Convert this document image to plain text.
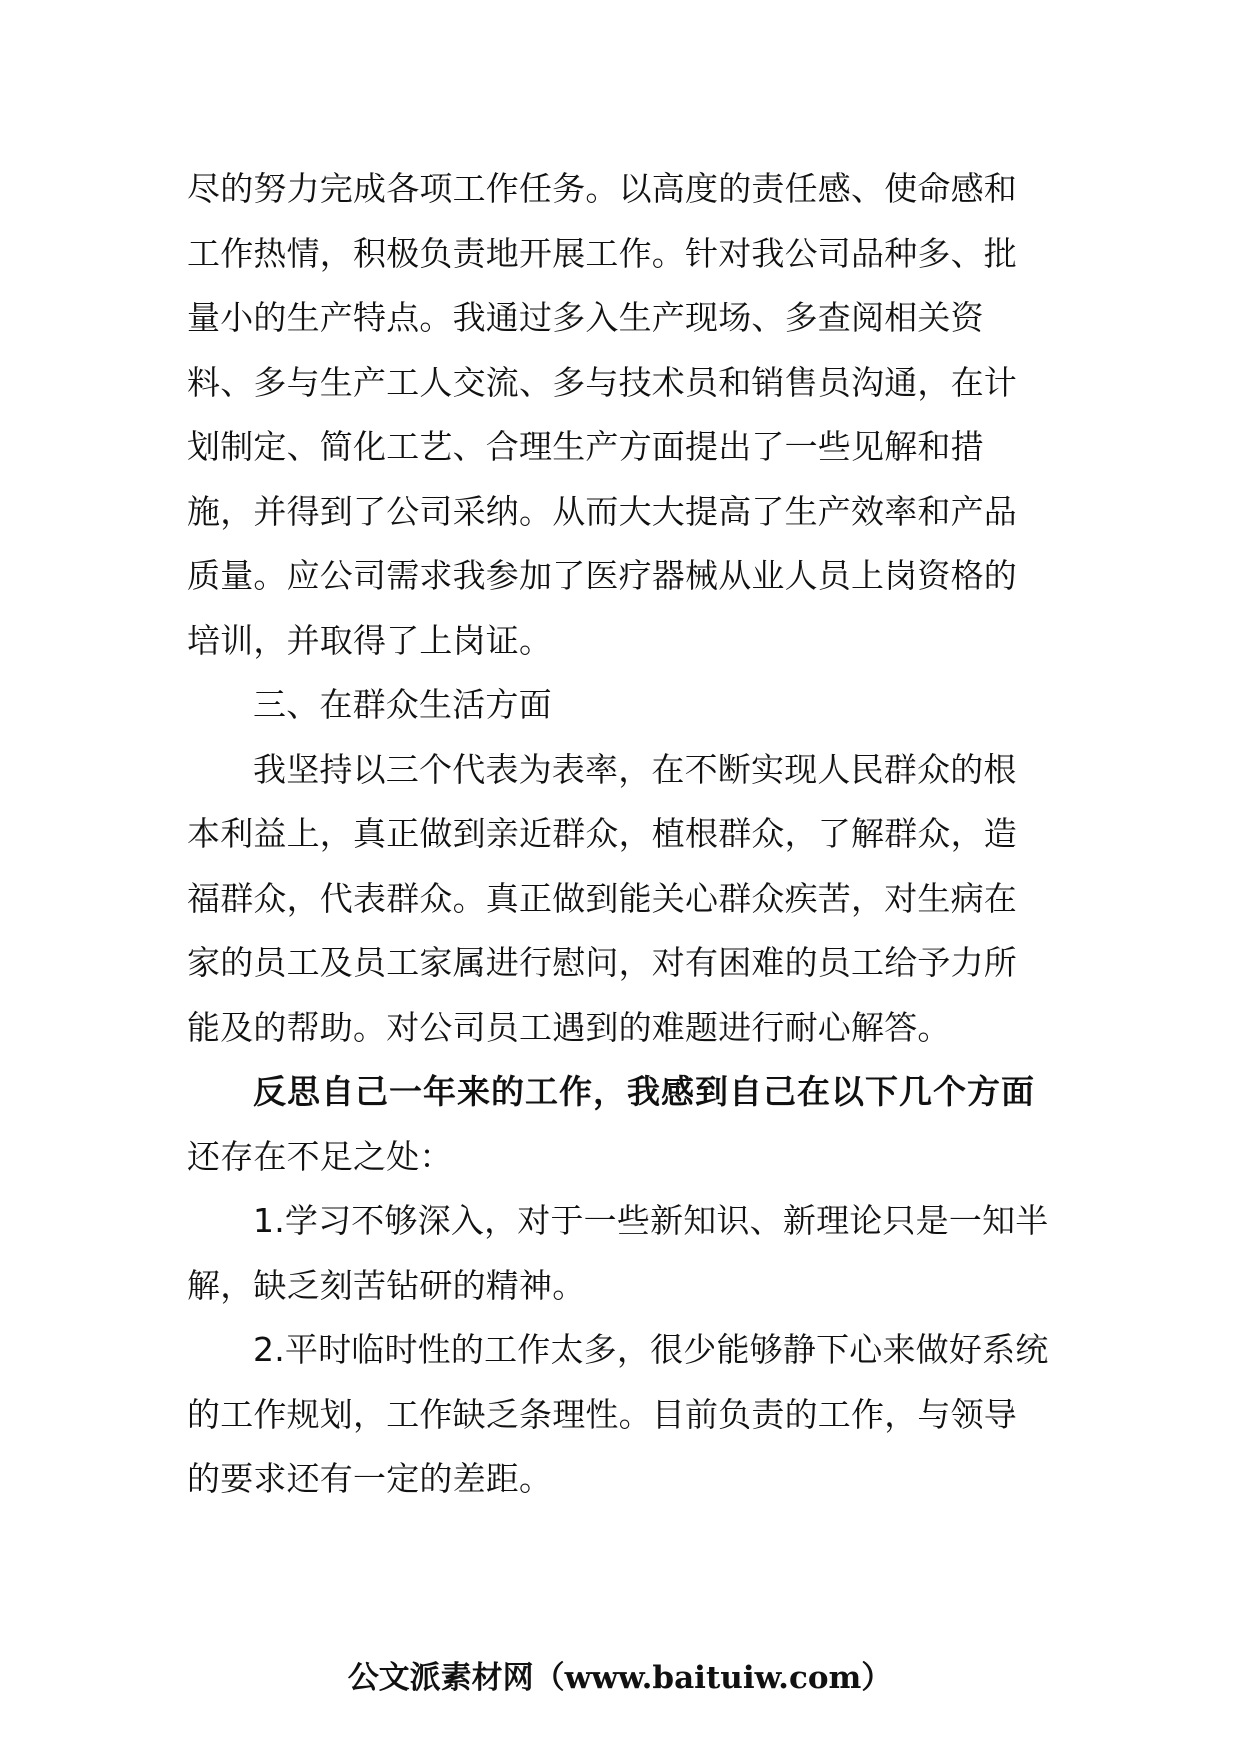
尽的努力完成各项工作任务。以高度的责任感、使命感和
工作热情，积极负责地开展工作。针对我公司品种多、批
量小的生产特点。我通过多入生产现场、多查阅相关资
料、多与生产工人交流、多与技术员和销售员沟通，在计
划制定、简化工艺、合理生产方面提出了一些见解和措
施，并得到了公司采纳。从而大大提高了生产效率和产品
质量。应公司需求我参加了医疗器械从业人员上岗资格的
培训，并取得了上岗证。
三、在群众生活方面
我坚持以三个代表为表率，在不断实现人民群众的根
本利益上，真正做到亲近群众，植根群众，了解群众，造
福群众，代表群众。真正做到能关心群众疾苦，对生病在
家的员工及员工家属进行慰问，对有困难的员工给予力所
能及的帮助。对公司员工遇到的难题进行耐心解答。
反思自己一年来的工作，我感到自己在以下几个方面
还存在不足之处：
1.学习不够深入，对于一些新知识、新理论只是一知半
解，缺乏刻苦钻研的精神。
2.平时临时性的工作太多，很少能够静下心来做好系统
的工作规划，工作缺乏条理性。目前负责的工作，与领导
的要求还有一定的差距。
公文派素材网（www.baituiw.com）
